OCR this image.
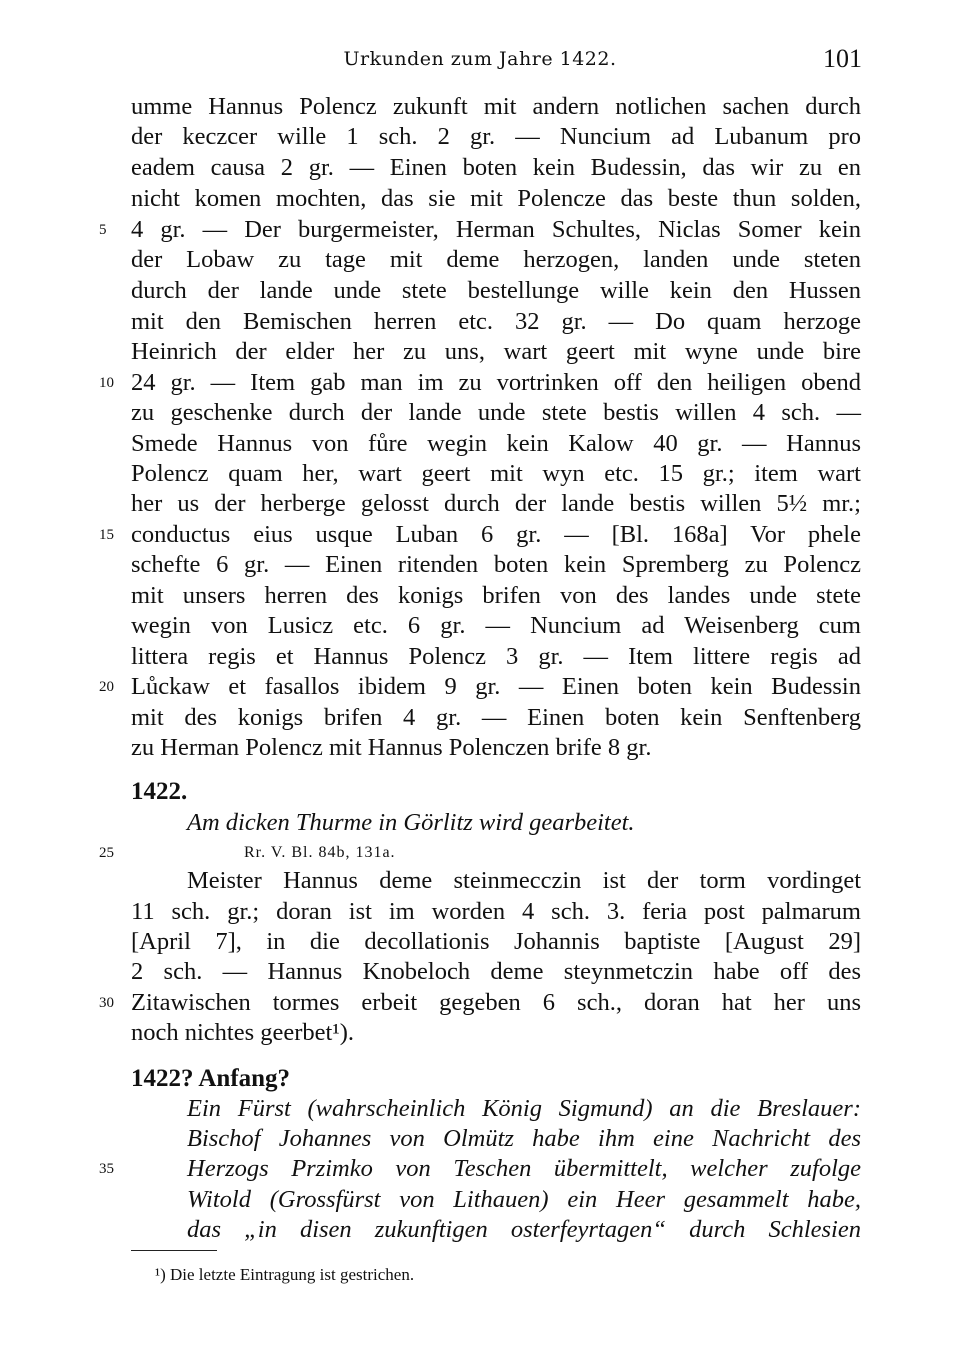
Urkunden zum Jahre 1422.	101
umme Hannus Polencz zukunft mit andern notlichen sachen durch
der keczcer wille 1 sch. 2 gr. — Nuncium ad Lubanum pro
eadem causa 2 gr. — Einen boten kein Budessin, das wir zu en
nicht komen mochten, das sie mit Polencze das beste thun solden,
4 gr. — Der burgermeister, Herman Schultes, Niclas Somer kein
der Lobaw zu tage mit deme herzogen, landen unde steten
durch der lande unde stete bestellunge wille kein den Hussen
mit den Bemischen herren etc. 32 gr. — Do quam herzoge
Heinrich der elder her zu uns, wart geert mit wyne unde bire
24 gr. — Item gab man im zu vortrinken off den heiligen obend
zu geschenke durch der lande unde stete bestis willen 4 sch. —
Smede Hannus von fůre wegin kein Kalow 40 gr. — Hannus
Polencz quam her, wart geert mit wyn etc. 15 gr.; item wart
her us der herberge gelosst durch der lande bestis willen 5½ mr.;
conductus eius usque Luban 6 gr. — [Bl. 168a] Vor phele
schefte 6 gr. — Einen ritenden boten kein Spremberg zu Polencz
mit unsers herren des konigs brifen von des landes unde stete
wegin von Lusicz etc. 6 gr. — Nuncium ad Weisenberg cum
littera regis et Hannus Polencz 3 gr. — Item littere regis ad
Lůckaw et fasallos ibidem 9 gr. — Einen boten kein Budessin
mit des konigs brifen 4 gr. — Einen boten kein Senftenberg
zu Herman Polencz mit Hannus Polenczen brife 8 gr.
5
10
15
20
25
30
35
1422.
Am dicken Thurme in Görlitz wird gearbeitet.
Rr. V. Bl. 84b, 131a.
Meister Hannus deme steinmecczin ist der torm vordinget
11 sch. gr.; doran ist im worden 4 sch. 3. feria post palmarum
[April 7], in die decollationis Johannis baptiste [August 29]
2 sch. — Hannus Knobeloch deme steynmetczin habe off des
Zitawischen tormes erbeit gegeben 6 sch., doran hat her uns
noch nichtes geerbet¹).
1422? Anfang?
Ein Fürst (wahrscheinlich König Sigmund) an die Breslauer:
Bischof Johannes von Olmütz habe ihm eine Nachricht des
Herzogs Przimko von Teschen übermittelt, welcher zufolge
Witold (Grossfürst von Lithauen) ein Heer gesammelt habe,
das „in disen zukunftigen osterfeyrtagen“ durch Schlesien
¹) Die letzte Eintragung ist gestrichen.
